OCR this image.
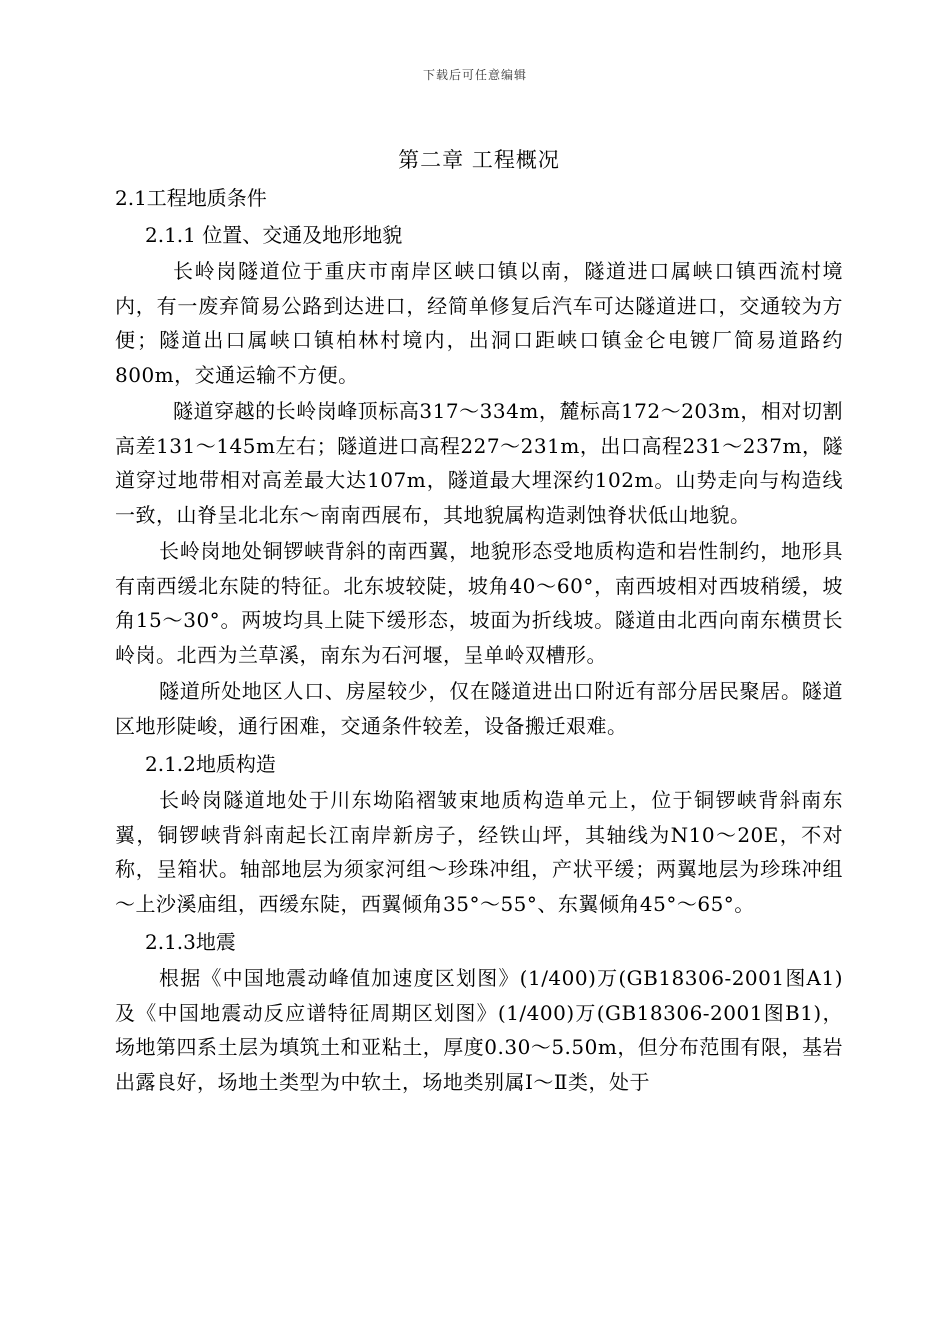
下载后可任意编辑

第二章 工程概况

2.1工程地质条件

2.1.1 位置、交通及地形地貌

长岭岗隧道位于重庆市南岸区峡口镇以南，隧道进口属峡口镇西流村境内，有一废弃简易公路到达进口，经简单修复后汽车可达隧道进口，交通较为方便；隧道出口属峡口镇柏林村境内，出洞口距峡口镇金仑电镀厂简易道路约800m，交通运输不方便。

隧道穿越的长岭岗峰顶标高317～334m，麓标高172～203m，相对切割高差131～145m左右；隧道进口高程227～231m，出口高程231～237m，隧道穿过地带相对高差最大达107m，隧道最大埋深约102m。山势走向与构造线一致，山脊呈北北东～南南西展布，其地貌属构造剥蚀脊状低山地貌。

长岭岗地处铜锣峡背斜的南西翼，地貌形态受地质构造和岩性制约，地形具有南西缓北东陡的特征。北东坡较陡，坡角40～60°，南西坡相对西坡稍缓，坡角15～30°。两坡均具上陡下缓形态，坡面为折线坡。隧道由北西向南东横贯长岭岗。北西为兰草溪，南东为石河堰，呈单岭双槽形。

隧道所处地区人口、房屋较少，仅在隧道进出口附近有部分居民聚居。隧道区地形陡峻，通行困难，交通条件较差，设备搬迁艰难。

2.1.2地质构造

长岭岗隧道地处于川东坳陷褶皱束地质构造单元上，位于铜锣峡背斜南东翼，铜锣峡背斜南起长江南岸新房子，经铁山坪，其轴线为N10～20E，不对称，呈箱状。轴部地层为须家河组～珍珠冲组，产状平缓；两翼地层为珍珠冲组～上沙溪庙组，西缓东陡，西翼倾角35°～55°、东翼倾角45°～65°。

2.1.3地震

根据《中国地震动峰值加速度区划图》(1/400)万(GB18306-2001图A1)及《中国地震动反应谱特征周期区划图》(1/400)万(GB18306-2001图B1)，场地第四系土层为填筑土和亚粘土，厚度0.30～5.50m，但分布范围有限，基岩出露良好，场地土类型为中软土，场地类别属Ⅰ～Ⅱ类，处于
